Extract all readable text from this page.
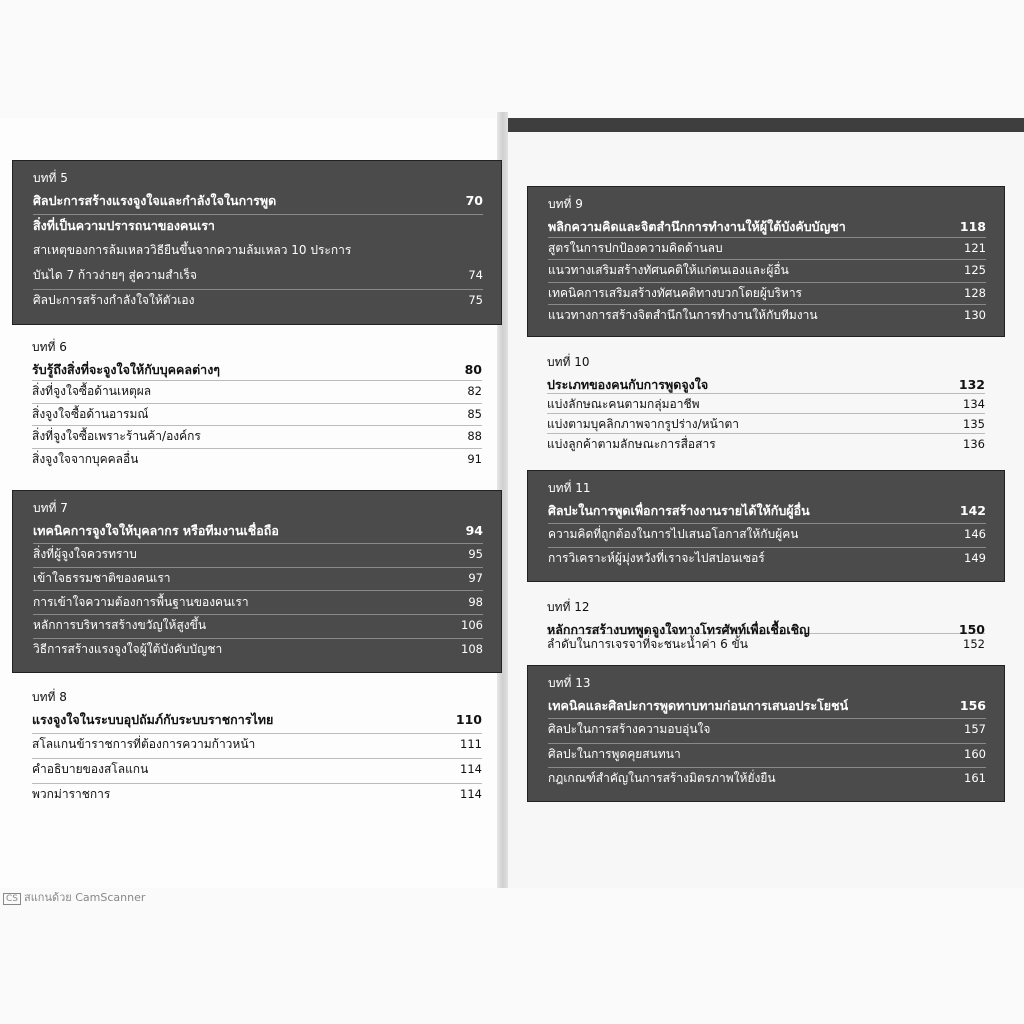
บทที่ 5
ศิลปะการสร้างแรงจูงใจและกำลังใจในการพูด	70
สิ่งที่เป็นความปรารถนาของคนเรา
สาเหตุของการล้มเหลววิธียืนขึ้นจากความล้มเหลว 10 ประการ
บันได 7 ก้าวง่ายๆ สู่ความสำเร็จ	74
ศิลปะการสร้างกำลังใจให้ตัวเอง	75
บทที่ 6
รับรู้ถึงสิ่งที่จะจูงใจให้กับบุคคลต่างๆ	80
สิ่งที่จูงใจซื้อด้านเหตุผล	82
สิ่งจูงใจซื้อด้านอารมณ์	85
สิ่งที่จูงใจซื้อเพราะร้านค้า/องค์กร	88
สิ่งจูงใจจากบุคคลอื่น	91
บทที่ 7
เทคนิคการจูงใจให้บุคลากร หรือทีมงานเชื่อถือ	94
สิ่งที่ผู้จูงใจควรทราบ	95
เข้าใจธรรมชาติของคนเรา	97
การเข้าใจความต้องการพื้นฐานของคนเรา	98
หลักการบริหารสร้างขวัญให้สูงขึ้น	106
วิธีการสร้างแรงจูงใจผู้ใต้บังคับบัญชา	108
บทที่ 8
แรงจูงใจในระบบอุปถัมภ์กับระบบราชการไทย	110
สโลแกนข้าราชการที่ต้องการความก้าวหน้า	111
คำอธิบายของสโลแกน	114
พวกม่าราชการ	114
บทที่ 9
พลิกความคิดและจิตสำนึกการทำงานให้ผู้ใต้บังคับบัญชา	118
สูตรในการปกป้องความคิดด้านลบ	121
แนวทางเสริมสร้างทัศนคติให้แก่ตนเองและผู้อื่น	125
เทคนิคการเสริมสร้างทัศนคติทางบวกโดยผู้บริหาร	128
แนวทางการสร้างจิตสำนึกในการทำงานให้กับทีมงาน	130
บทที่ 10
ประเภทของคนกับการพูดจูงใจ	132
แบ่งลักษณะคนตามกลุ่มอาชีพ	134
แบ่งตามบุคลิกภาพจากรูปร่าง/หน้าตา	135
แบ่งลูกค้าตามลักษณะการสื่อสาร	136
บทที่ 11
ศิลปะในการพูดเพื่อการสร้างงานรายได้ให้กับผู้อื่น	142
ความคิดที่ถูกต้องในการไปเสนอโอกาสให้กับผู้คน	146
การวิเคราะห์ผู้มุ่งหวังที่เราจะไปสปอนเซอร์	149
บทที่ 12
หลักการสร้างบทพูดจูงใจทางโทรศัพท์เพื่อเชื้อเชิญ	150
ลำดับในการเจรจาที่จะชนะน้ำค่า 6 ขั้น	152
บทที่ 13
เทคนิคและศิลปะการพูดทาบทามก่อนการเสนอประโยชน์	156
ศิลปะในการสร้างความอบอุ่นใจ	157
ศิลปะในการพูดคุยสนทนา	160
กฎเกณฑ์สำคัญในการสร้างมิตรภาพให้ยั่งยืน	161
CS สแกนด้วย CamScanner
